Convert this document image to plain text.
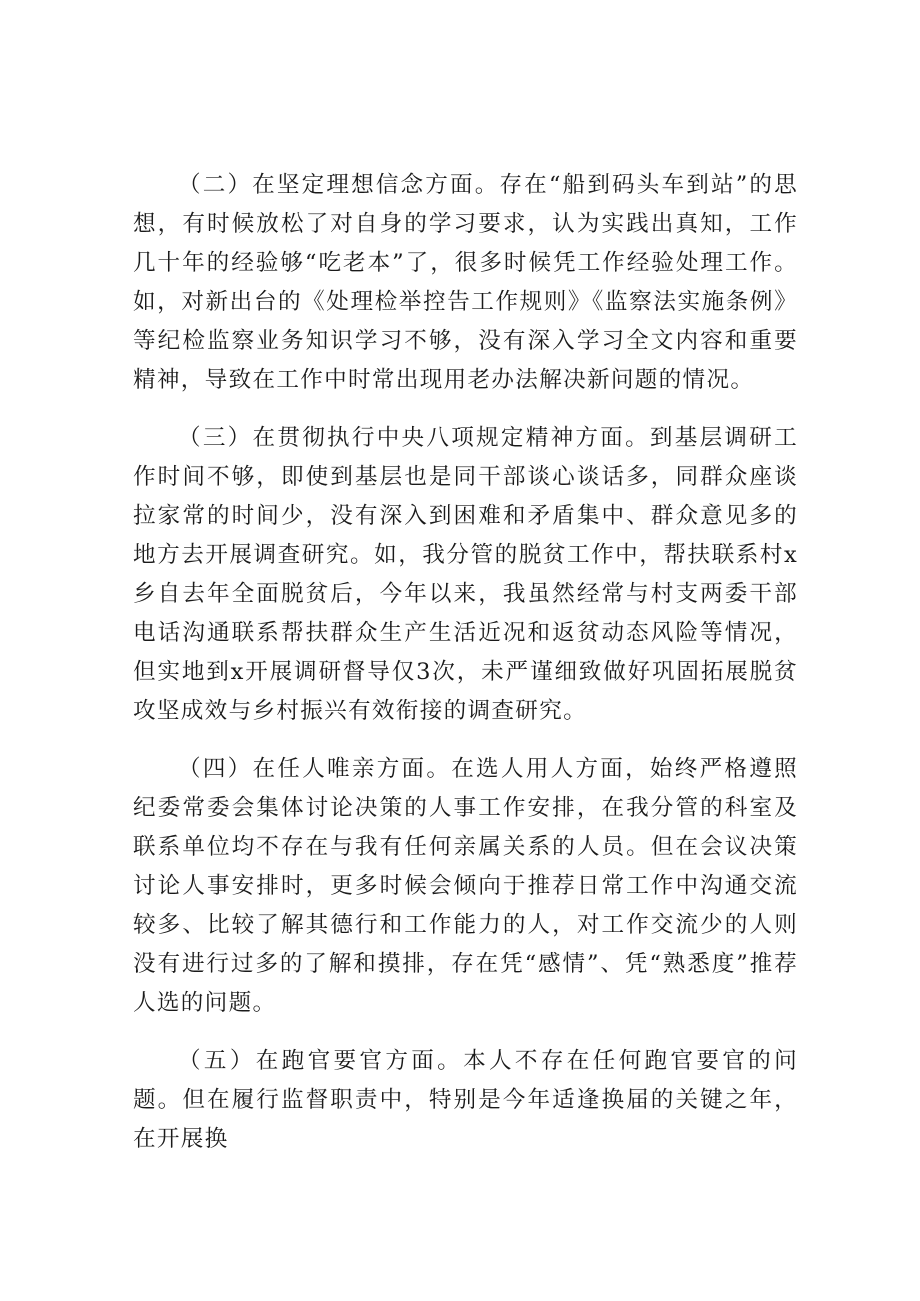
（二）在坚定理想信念方面。存在“船到码头车到站”的思想，有时候放松了对自身的学习要求，认为实践出真知，工作几十年的经验够“吃老本”了，很多时候凭工作经验处理工作。如，对新出台的《处理检举控告工作规则》《监察法实施条例》等纪检监察业务知识学习不够，没有深入学习全文内容和重要精神，导致在工作中时常出现用老办法解决新问题的情况。

（三）在贯彻执行中央八项规定精神方面。到基层调研工作时间不够，即使到基层也是同干部谈心谈话多，同群众座谈拉家常的时间少，没有深入到困难和矛盾集中、群众意见多的地方去开展调查研究。如，我分管的脱贫工作中，帮扶联系村x乡自去年全面脱贫后，今年以来，我虽然经常与村支两委干部电话沟通联系帮扶群众生产生活近况和返贫动态风险等情况，但实地到x开展调研督导仅3次，未严谨细致做好巩固拓展脱贫攻坚成效与乡村振兴有效衔接的调查研究。

（四）在任人唯亲方面。在选人用人方面，始终严格遵照纪委常委会集体讨论决策的人事工作安排，在我分管的科室及联系单位均不存在与我有任何亲属关系的人员。但在会议决策讨论人事安排时，更多时候会倾向于推荐日常工作中沟通交流较多、比较了解其德行和工作能力的人，对工作交流少的人则没有进行过多的了解和摸排，存在凭“感情”、凭“熟悉度”推荐人选的问题。

（五）在跑官要官方面。本人不存在任何跑官要官的问题。但在履行监督职责中，特别是今年适逢换届的关键之年，在开展换
